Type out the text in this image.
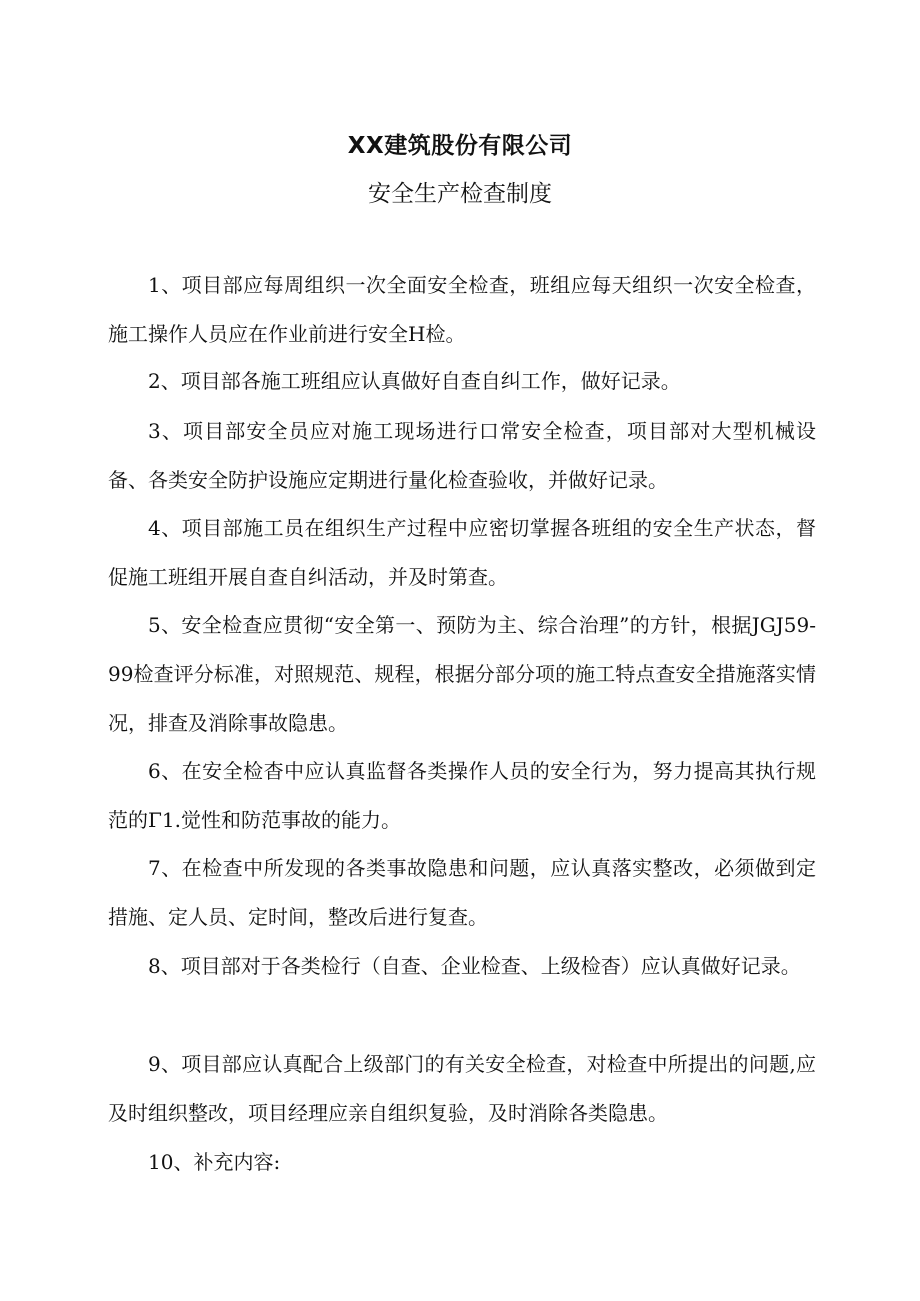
XX建筑股份有限公司
安全生产检查制度

1、项目部应每周组织一次全面安全检查，班组应每天组织一次安全检查，施工操作人员应在作业前进行安全H检。

2、项目部各施工班组应认真做好自查自纠工作，做好记录。

3、项目部安全员应对施工现场进行口常安全检查，项目部对大型机械设备、各类安全防护设施应定期进行量化检查验收，并做好记录。

4、项目部施工员在组织生产过程中应密切掌握各班组的安全生产状态，督促施工班组开展自查自纠活动，并及时第查。

5、安全检查应贯彻“安全第一、预防为主、综合治理”的方针，根据JGJ59-99检查评分标准，对照规范、规程，根据分部分项的施工特点查安全措施落实情况，排查及消除事故隐患。

6、在安全检杳中应认真监督各类操作人员的安全行为，努力提高其执行规范的Γ1.觉性和防范事故的能力。

7、在检查中所发现的各类事故隐患和问题，应认真落实整改，必须做到定措施、定人员、定时间，整改后进行复查。

8、项目部对于各类检行（自查、企业检查、上级检杳）应认真做好记录。

9、项目部应认真配合上级部门的有关安全检查，对检查中所提出的问题,应及时组织整改，项目经理应亲自组织复验，及时消除各类隐患。

10、补充内容:
